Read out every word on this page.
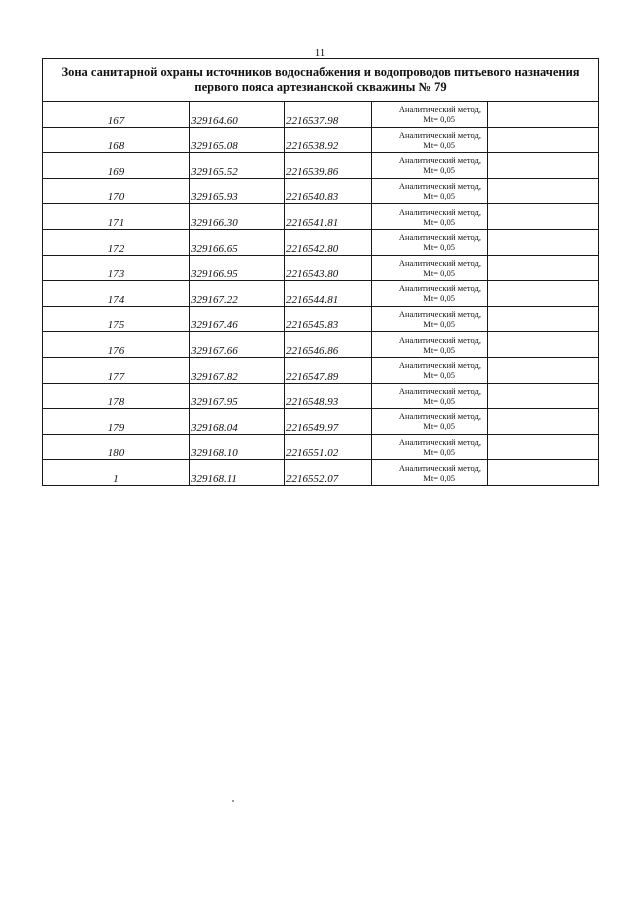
11
Зона санитарной охраны источников водоснабжения и водопроводов питьевого назначения
первого пояса артезианской скважины № 79				

167	329164.60	2216537.98	Аналитический метод,
Mt= 0,05	

168	329165.08	2216538.92	Аналитический метод,
Mt= 0,05	

169	329165.52	2216539.86	Аналитический метод,
Mt= 0,05	

170	329165.93	2216540.83	Аналитический метод,
Mt= 0,05	

171	329166.30	2216541.81	Аналитический метод,
Mt= 0,05	

172	329166.65	2216542.80	Аналитический метод,
Mt= 0,05	

173	329166.95	2216543.80	Аналитический метод,
Mt= 0,05	

174	329167.22	2216544.81	Аналитический метод,
Mt= 0,05	

175	329167.46	2216545.83	Аналитический метод,
Mt= 0,05	

176	329167.66	2216546.86	Аналитический метод,
Mt= 0,05	

177	329167.82	2216547.89	Аналитический метод,
Mt= 0,05	

178	329167.95	2216548.93	Аналитический метод,
Mt= 0,05	

179	329168.04	2216549.97	Аналитический метод,
Mt= 0,05	

180	329168.10	2216551.02	Аналитический метод,
Mt= 0,05	

1	329168.11	2216552.07	Аналитический метод,
Mt= 0,05	
